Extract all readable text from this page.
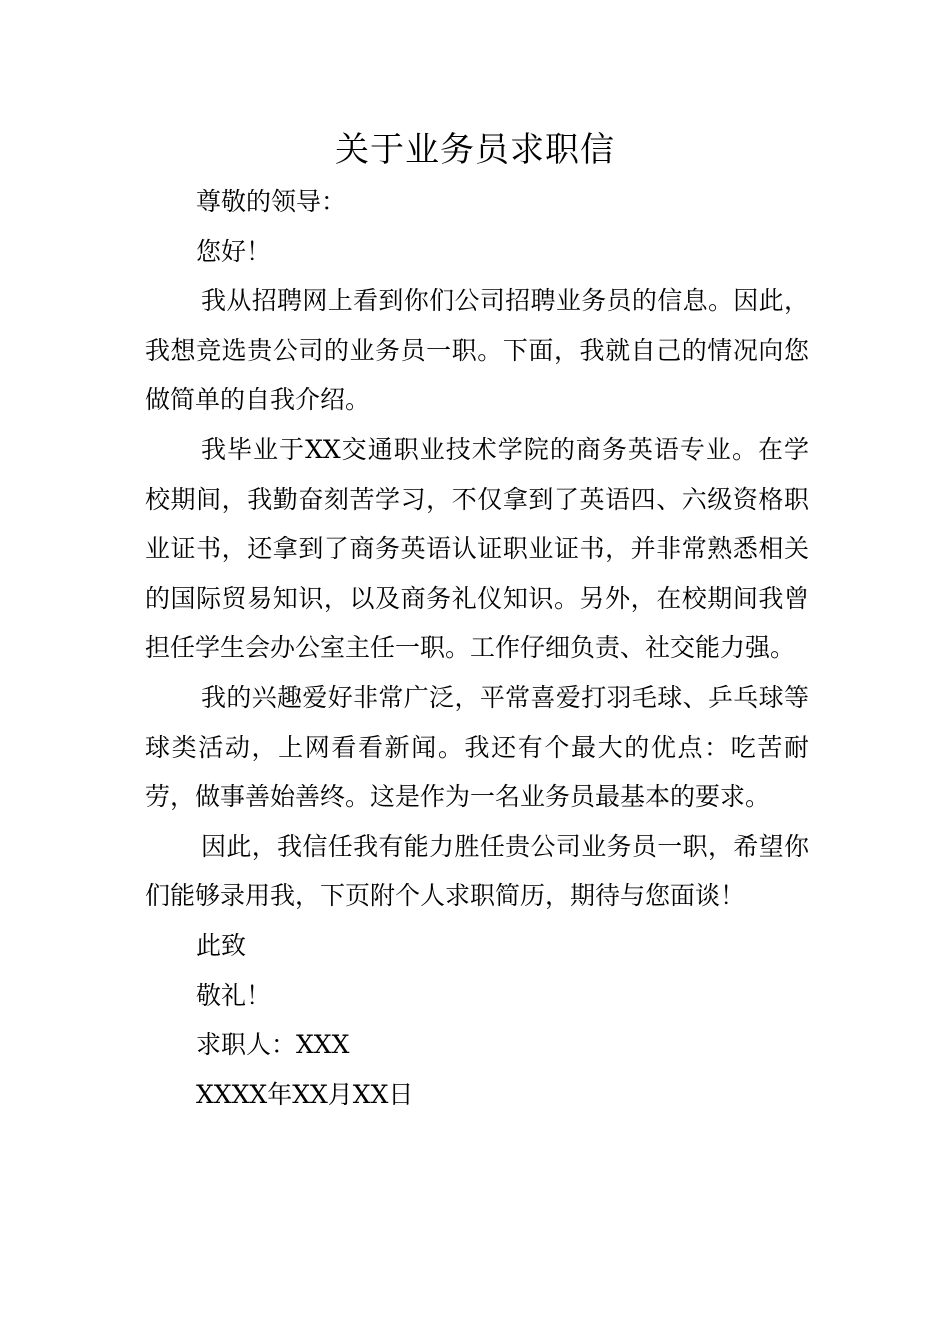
关于业务员求职信

尊敬的领导：

您好！

我从招聘网上看到你们公司招聘业务员的信息。因此，我想竞选贵公司的业务员一职。下面，我就自己的情况向您做简单的自我介绍。

我毕业于XX交通职业技术学院的商务英语专业。在学校期间，我勤奋刻苦学习，不仅拿到了英语四、六级资格职业证书，还拿到了商务英语认证职业证书，并非常熟悉相关的国际贸易知识，以及商务礼仪知识。另外，在校期间我曾担任学生会办公室主任一职。工作仔细负责、社交能力强。

我的兴趣爱好非常广泛，平常喜爱打羽毛球、乒乓球等球类活动，上网看看新闻。我还有个最大的优点：吃苦耐劳，做事善始善终。这是作为一名业务员最基本的要求。

因此，我信任我有能力胜任贵公司业务员一职，希望你们能够录用我，下页附个人求职简历，期待与您面谈！

此致

敬礼！

求职人：XXX

XXXX年XX月XX日
